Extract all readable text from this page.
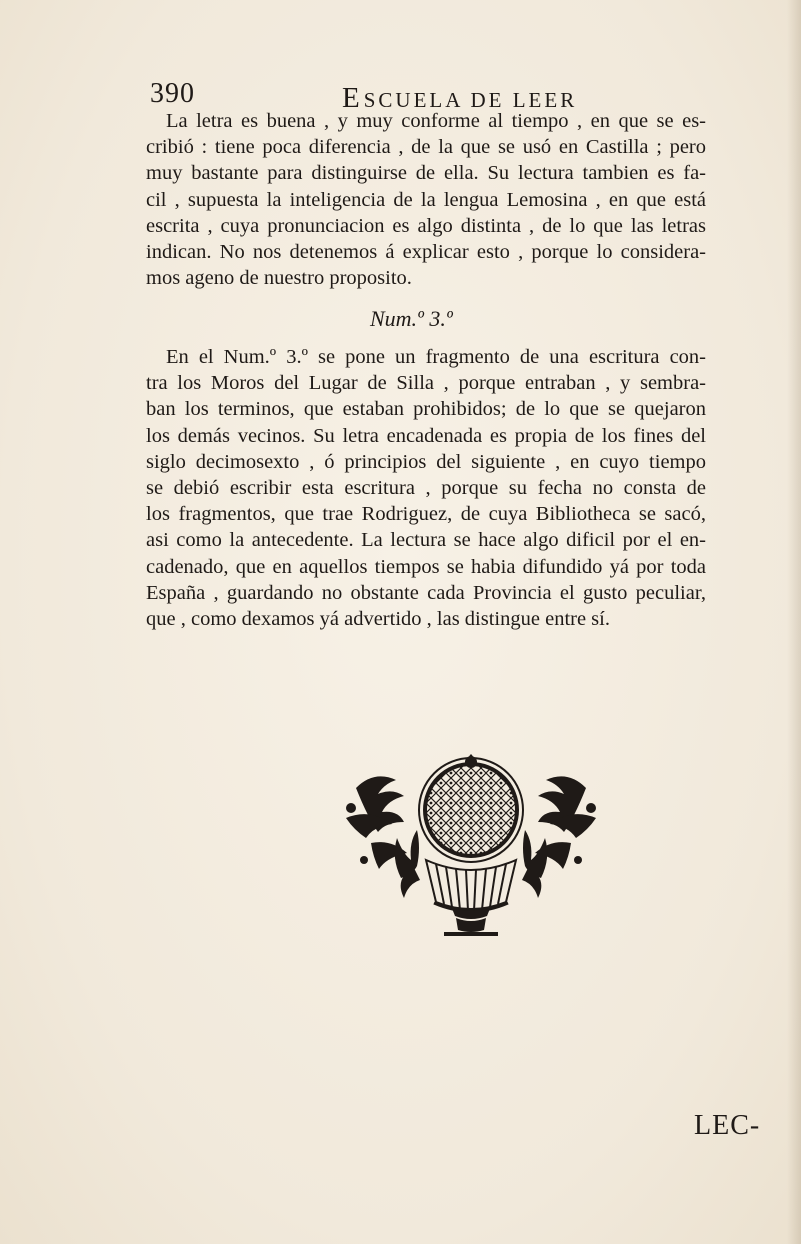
390	ESCUELA DE LEER
La letra es buena , y muy conforme al tiempo , en que se es-
cribió : tiene poca diferencia , de la que se usó en Castilla ; pero
muy bastante para distinguirse de ella. Su lectura tambien es fa-
cil , supuesta la inteligencia de la lengua Lemosina , en que está
escrita , cuya pronunciacion es algo distinta , de lo que las letras
indican. No nos detenemos á explicar esto , porque lo considera-
mos ageno de nuestro proposito.
Num.º 3.º
En el Num.º 3.º se pone un fragmento de una escritura con-
tra los Moros del Lugar de Silla , porque entraban , y sembra-
ban los terminos, que estaban prohibidos; de lo que se quejaron
los demás vecinos. Su letra encadenada es propia de los fines del
siglo decimosexto , ó principios del siguiente , en cuyo tiempo
se debió escribir esta escritura , porque su fecha no consta de
los fragmentos, que trae Rodriguez, de cuya Bibliotheca se sacó,
asi como la antecedente. La lectura se hace algo dificil por el en-
cadenado, que en aquellos tiempos se habia difundido yá por toda
España , guardando no obstante cada Provincia el gusto peculiar,
que , como dexamos yá advertido , las distingue entre sí.
LEC-
